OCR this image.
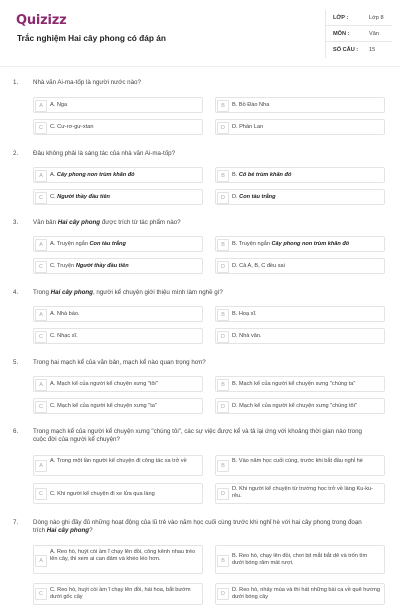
Quizizz
Trắc nghiệm Hai cây phong có đáp án
LỚP :	Lớp 8
MÔN :	Văn
SỐ CÂU : 15
1. Nhà văn Ai-ma-tốp là người nước nào?
A	A. Nga	B	B. Bồ Đào Nha
C	C. Cư-rơ-gư-xtan	D	D. Phần Lan
2. Đâu không phải là sáng tác của nhà văn Ai-ma-tốp?
A	A. Cây phong non trùm khăn đỏ	B	B. Cô bé trùm khăn đỏ
C	C. Người thầy đầu tiên	D	D. Con tàu trắng
3. Văn bản Hai cây phong được trích từ tác phẩm nào?
A	A. Truyện ngắn Con tàu trắng	B	B. Truyện ngắn Cây phong non trùm khăn đỏ
C	C. Truyện Người thầy đầu tiên	D	D. Cả A, B, C đều sai
4. Trong Hai cây phong, người kể chuyện giới thiệu mình làm nghề gì?
A	A. Nhà báo.	B	B. Hoạ sĩ.
C	C. Nhạc sĩ.	D	D. Nhà văn.
5. Trong hai mạch kể của văn bản, mạch kể nào quan trọng hơn?
A	A. Mạch kể của người kể chuyện xưng "tôi"	B	B. Mạch kể của người kể chuyện xưng "chúng ta"
C	C. Mạch kể của người kể chuyện xưng "ta"	D	D. Mạch kể của người kể chuyện xưng "chúng tôi"
6. Trong mạch kể của người kể chuyện xưng "chúng tôi", các sự việc được kể và tả lại ứng với khoảng thời gian nào trong cuộc đời của người kể chuyện?
A
A. Trong một lần người kể chuyện đi công tác xa trở về
B
B. Vào năm học cuối cùng, trước khi bắt đầu nghỉ hè
C	C. Khi người kể chuyện đi xe lửa qua làng	D
D. Khi người kể chuyện từ trường học trở về làng Ku-ku-rêu.
7. Dòng nào ghi đầy đủ những hoạt động của lũ trẻ vào năm học cuối cùng trước khi nghỉ hè với hai cây phong trong đoạn trích Hai cây phong?
A
A. Reo hò, huýt còi ầm ĩ chạy lên đồi, công kênh nhau trèo lên cây, thi xem ai can đảm và khéo léo hơn.	B
B. Reo hò, chạy lên đồi, chơi bịt mắt bắt dê và trốn tìm dưới bóng râm mát rượi.
C
C. Reo hò, huýt còi ầm ĩ chạy lên đồi, hái hoa, bắt bướm dưới gốc cây
D
D. Reo hò, nhảy múa và thi hát những bài ca về quê hương dưới bóng cây
